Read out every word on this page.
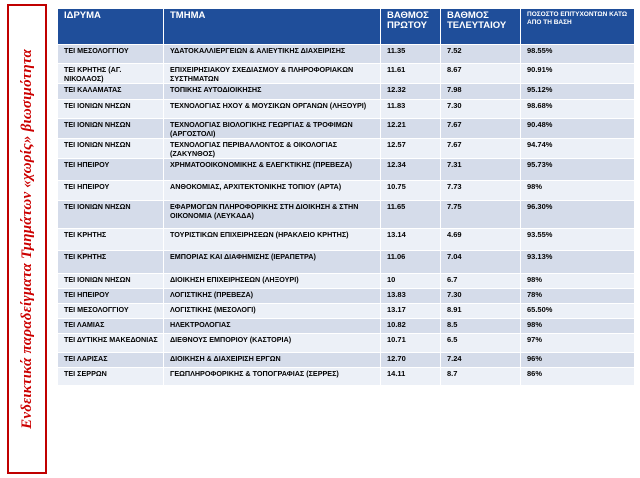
Ενδεικτικά παραδείγματα Τμημάτων «χωρίς» βιωσιμότητα
ΙΔΡΥΜΑ	ΤΜΗΜΑ	ΒΑΘΜΟΣ ΠΡΩΤΟΥ	ΒΑΘΜΟΣ ΤΕΛΕΥΤΑΙΟΥ	ΠΟΣΟΣΤΟ ΕΠΙΤΥΧΟΝΤΩΝ ΚΑΤΩ ΑΠΟ ΤΗ ΒΑΣΗ
ΤΕΙ ΜΕΣΟΛΟΓΓΙΟΥ	ΥΔΑΤΟΚΑΛΛΙΕΡΓΕΙΩΝ & ΑΛΙΕΥΤΙΚΗΣ ΔΙΑΧΕΙΡΙΣΗΣ	11.35	7.52	98.55%
ΤΕΙ ΚΡΗΤΗΣ (ΑΓ. ΝΙΚΟΛΑΟΣ)	ΕΠΙΧΕΙΡΗΣΙΑΚΟΥ ΣΧΕΔΙΑΣΜΟΥ & ΠΛΗΡΟΦΟΡΙΑΚΩΝ ΣΥΣΤΗΜΑΤΩΝ	11.61	8.67	90.91%
ΤΕΙ ΚΑΛΑΜΑΤΑΣ	ΤΟΠΙΚΗΣ ΑΥΤΟΔΙΟΙΚΗΣΗΣ	12.32	7.98	95.12%
ΤΕΙ ΙΟΝΙΩΝ ΝΗΣΩΝ	ΤΕΧΝΟΛΟΓΙΑΣ ΗΧΟΥ & ΜΟΥΣΙΚΩΝ ΟΡΓΑΝΩΝ (ΛΗΞΟΥΡΙ)	11.83	7.30	98.68%
ΤΕΙ ΙΟΝΙΩΝ ΝΗΣΩΝ	ΤΕΧΝΟΛΟΓΙΑΣ ΒΙΟΛΟΓΙΚΗΣ ΓΕΩΡΓΙΑΣ & ΤΡΟΦΙΜΩΝ (ΑΡΓΟΣΤΟΛΙ)	12.21	7.67	90.48%
ΤΕΙ ΙΟΝΙΩΝ ΝΗΣΩΝ	ΤΕΧΝΟΛΟΓΙΑΣ ΠΕΡΙΒΑΛΛΟΝΤΟΣ & ΟΙΚΟΛΟΓΙΑΣ (ΖΑΚΥΝΘΟΣ)	12.57	7.67	94.74%
ΤΕΙ ΗΠΕΙΡΟΥ	ΧΡΗΜΑΤΟΟΙΚΟΝΟΜΙΚΗΣ & ΕΛΕΓΚΤΙΚΗΣ (ΠΡΕΒΕΖΑ)	12.34	7.31	95.73%
ΤΕΙ ΗΠΕΙΡΟΥ	ΑΝΘΟΚΟΜΙΑΣ, ΑΡΧΙΤΕΚΤΟΝΙΚΗΣ ΤΟΠΙΟΥ (ΑΡΤΑ)	10.75	7.73	98%
ΤΕΙ ΙΟΝΙΩΝ ΝΗΣΩΝ	ΕΦΑΡΜΟΓΩΝ ΠΛΗΡΟΦΟΡΙΚΗΣ ΣΤΗ ΔΙΟΙΚΗΣΗ & ΣΤΗΝ ΟΙΚΟΝΟΜΙΑ (ΛΕΥΚΑΔΑ)	11.65	7.75	96.30%
ΤΕΙ ΚΡΗΤΗΣ	ΤΟΥΡΙΣΤΙΚΩΝ ΕΠΙΧΕΙΡΗΣΕΩΝ (ΗΡΑΚΛΕΙΟ ΚΡΗΤΗΣ)	13.14	4.69	93.55%
ΤΕΙ ΚΡΗΤΗΣ	ΕΜΠΟΡΙΑΣ ΚΑΙ ΔΙΑΦΗΜΙΣΗΣ (ΙΕΡΑΠΕΤΡΑ)	11.06	7.04	93.13%
ΤΕΙ ΙΟΝΙΩΝ ΝΗΣΩΝ	ΔΙΟΙΚΗΣΗ ΕΠΙΧΕΙΡΗΣΕΩΝ (ΛΗΞΟΥΡΙ)	10	6.7	98%
ΤΕΙ ΗΠΕΙΡΟΥ	ΛΟΓΙΣΤΙΚΗΣ (ΠΡΕΒΕΖΑ)	13.83	7.30	78%
ΤΕΙ ΜΕΣΟΛΟΓΓΙΟΥ	ΛΟΓΙΣΤΙΚΗΣ (ΜΕΣΟΛΟΓΙ)	13.17	8.91	65.50%
ΤΕΙ ΛΑΜΙΑΣ	ΗΛΕΚΤΡΟΛΟΓΙΑΣ	10.82	8.5	98%
ΤΕΙ ΔΥΤΙΚΗΣ ΜΑΚΕΔΟΝΙΑΣ	ΔΙΕΘΝΟΥΣ ΕΜΠΟΡΙΟΥ (ΚΑΣΤΟΡΙΑ)	10.71	6.5	97%
ΤΕΙ ΛΑΡΙΣΑΣ	ΔΙΟΙΚΗΣΗ & ΔΙΑΧΕΙΡΙΣΗ ΕΡΓΩΝ	12.70	7.24	96%
ΤΕΙ ΣΕΡΡΩΝ	ΓΕΩΠΛΗΡΟΦΟΡΙΚΗΣ & ΤΟΠΟΓΡΑΦΙΑΣ (ΣΕΡΡΕΣ)	14.11	8.7	86%
